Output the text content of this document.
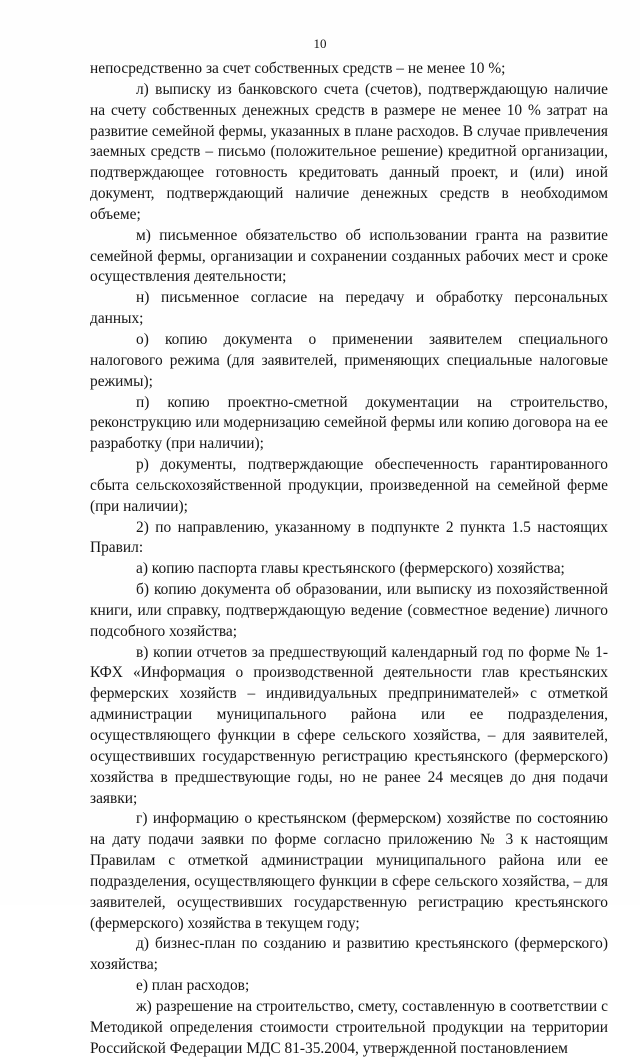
10

непосредственно за счет собственных средств – не менее 10 %;

л) выписку из банковского счета (счетов), подтверждающую наличие на счету собственных денежных средств в размере не менее 10 % затрат на развитие семейной фермы, указанных в плане расходов. В случае привлечения заемных средств – письмо (положительное решение) кредитной организации, подтверждающее готовность кредитовать данный проект, и (или) иной документ, подтверждающий наличие денежных средств в необходимом объеме;

м) письменное обязательство об использовании гранта на развитие семейной фермы, организации и сохранении созданных рабочих мест и сроке осуществления деятельности;

н) письменное согласие на передачу и обработку персональных данных;

о) копию документа о применении заявителем специального налогового режима (для заявителей, применяющих специальные налоговые режимы);

п) копию проектно-сметной документации на строительство, реконструкцию или модернизацию семейной фермы или копию договора на ее разработку (при наличии);

р) документы, подтверждающие обеспеченность гарантированного сбыта сельскохозяйственной продукции, произведенной на семейной ферме (при наличии);

2) по направлению, указанному в подпункте 2 пункта 1.5 настоящих Правил:

а) копию паспорта главы крестьянского (фермерского) хозяйства;

б) копию документа об образовании, или выписку из похозяйственной книги, или справку, подтверждающую ведение (совместное ведение) личного подсобного хозяйства;

в) копии отчетов за предшествующий календарный год по форме № 1-КФХ «Информация о производственной деятельности глав крестьянских фермерских хозяйств – индивидуальных предпринимателей» с отметкой администрации муниципального района или ее подразделения, осуществляющего функции в сфере сельского хозяйства, – для заявителей, осуществивших государственную регистрацию крестьянского (фермерского) хозяйства в предшествующие годы, но не ранее 24 месяцев до дня подачи заявки;

г) информацию о крестьянском (фермерском) хозяйстве по состоянию на дату подачи заявки по форме согласно приложению № 3 к настоящим Правилам с отметкой администрации муниципального района или ее подразделения, осуществляющего функции в сфере сельского хозяйства, – для заявителей, осуществивших государственную регистрацию крестьянского (фермерского) хозяйства в текущем году;

д) бизнес-план по созданию и развитию крестьянского (фермерского) хозяйства;

е) план расходов;

ж) разрешение на строительство, смету, составленную в соответствии с Методикой определения стоимости строительной продукции на территории Российской Федерации МДС 81-35.2004, утвержденной постановлением
